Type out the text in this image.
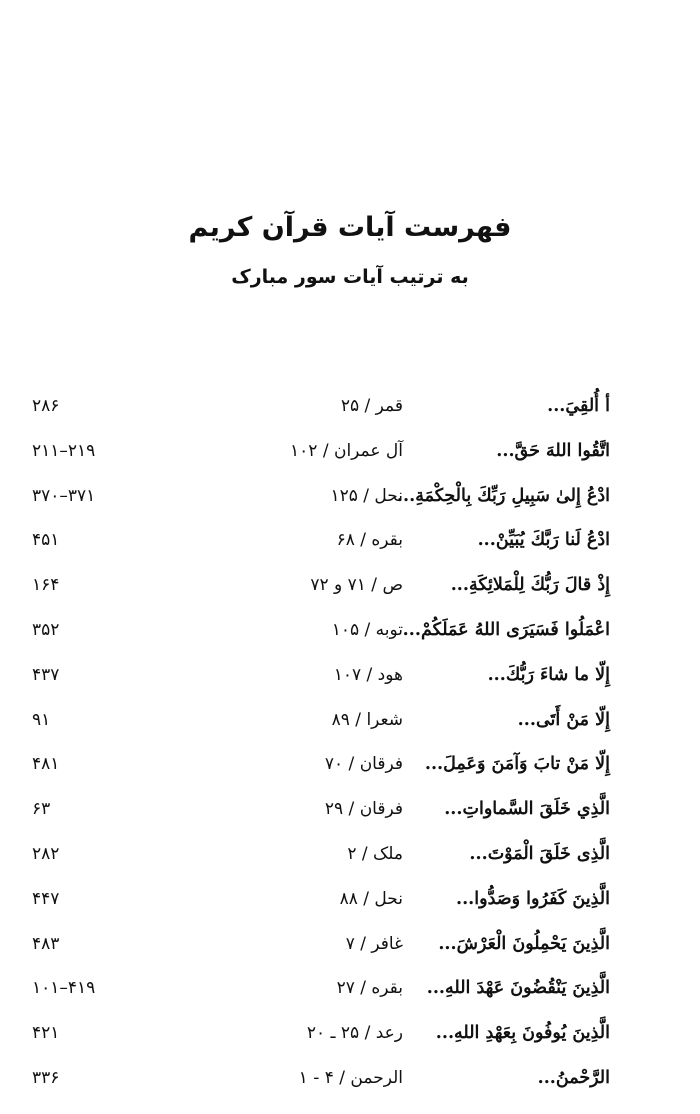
فهرست آیات قرآن کریم
به ترتیب آیات سور مبارک
أ أُلقِيَ...
قمر / ۲۵
۲۸۶
اتَّقُوا اللهَ حَقَّ...
آل عمران / ۱۰۲
۲۱۹–۲۱۱
ادْعُ إِلىٰ سَبِيلِ رَبِّكَ بِالْحِكْمَةِ...
نحل / ۱۲۵
۳۷۱–۳۷۰
ادْعُ لَنا رَبَّكَ يُبَيِّنْ...
بقره / ۶۸
۴۵۱
إِذْ قالَ رَبُّكَ لِلْمَلائِكَةِ...
ص / ۷۱ و ۷۲
۱۶۴
اعْمَلُوا فَسَيَرَى اللهُ عَمَلَكُمْ...
توبه / ۱۰۵
۳۵۲
إِلّا ما شاءَ رَبُّكَ...
هود / ۱۰۷
۴۳۷
إِلّا مَنْ أَتَى...
شعرا / ۸۹
۹۱
إِلّا مَنْ تابَ وَآمَنَ وَعَمِلَ...
فرقان / ۷۰
۴۸۱
الَّذِي خَلَقَ السَّماواتِ...
فرقان / ۲۹
۶۳
الَّذِى خَلَقَ الْمَوْتَ...
ملک / ۲
۲۸۲
الَّذِينَ كَفَرُوا وَصَدُّوا...
نحل / ۸۸
۴۴۷
الَّذِينَ يَحْمِلُونَ الْعَرْشَ...
غافر / ۷
۴۸۳
الَّذِينَ يَنْقُضُونَ عَهْدَ اللهِ...
بقره / ۲۷
۴۱۹–۱۰۱
الَّذِينَ يُوفُونَ بِعَهْدِ اللهِ...
رعد / ۲۵ ـ ۲۰
۴۲۱
الرَّحْمنُ...
الرحمن / ۴ - ۱
۳۳۶
